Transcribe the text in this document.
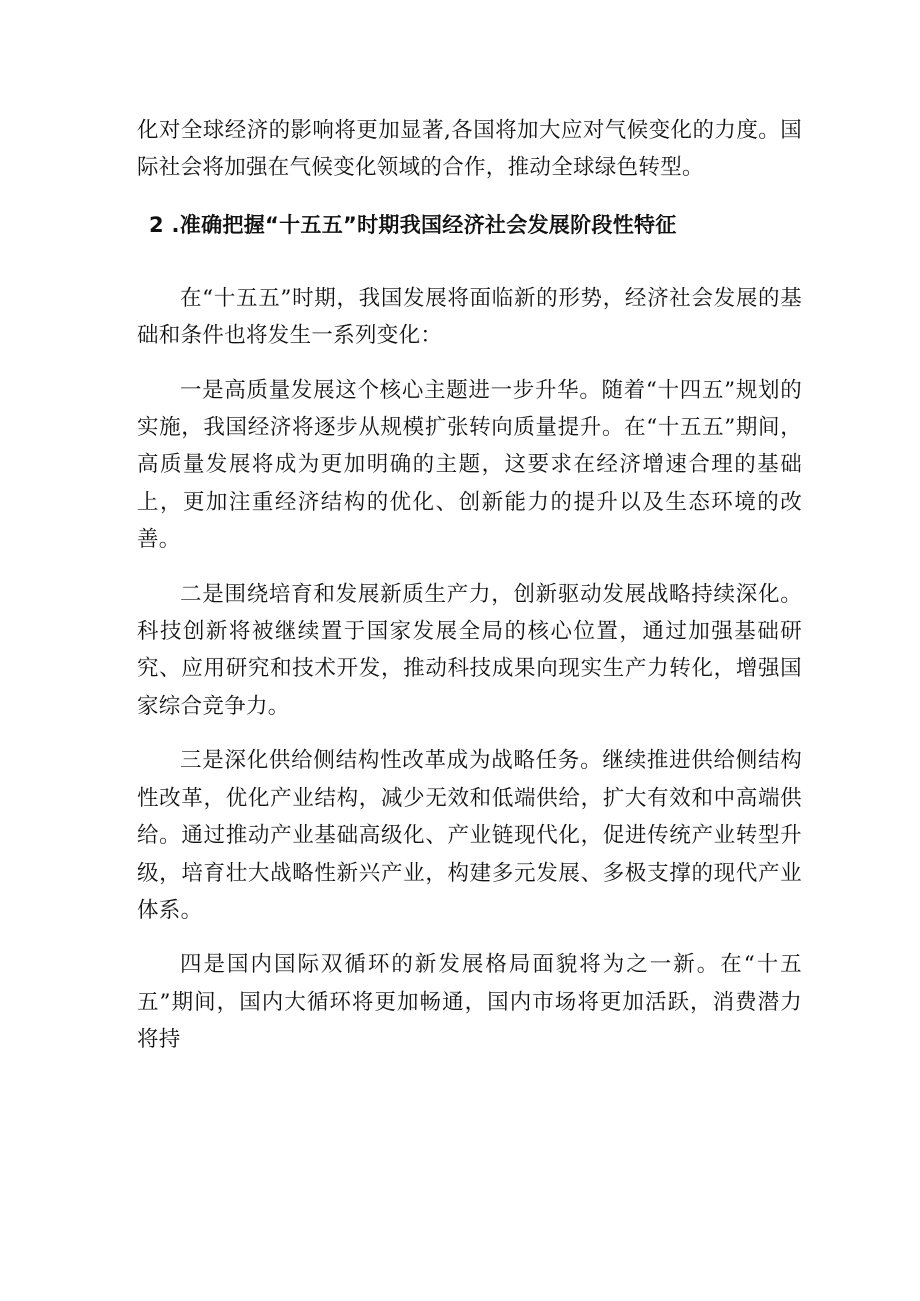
化对全球经济的影响将更加显著,各国将加大应对气候变化的力度。国际社会将加强在气候变化领域的合作，推动全球绿色转型。

2 .准确把握“十五五”时期我国经济社会发展阶段性特征

在“十五五”时期，我国发展将面临新的形势，经济社会发展的基础和条件也将发生一系列变化：

一是高质量发展这个核心主题进一步升华。随着“十四五”规划的实施，我国经济将逐步从规模扩张转向质量提升。在“十五五”期间，高质量发展将成为更加明确的主题，这要求在经济增速合理的基础上，更加注重经济结构的优化、创新能力的提升以及生态环境的改善。

二是围绕培育和发展新质生产力，创新驱动发展战略持续深化。科技创新将被继续置于国家发展全局的核心位置，通过加强基础研究、应用研究和技术开发，推动科技成果向现实生产力转化，增强国家综合竞争力。

三是深化供给侧结构性改革成为战略任务。继续推进供给侧结构性改革，优化产业结构，减少无效和低端供给，扩大有效和中高端供给。通过推动产业基础高级化、产业链现代化，促进传统产业转型升级，培育壮大战略性新兴产业，构建多元发展、多极支撑的现代产业体系。

四是国内国际双循环的新发展格局面貌将为之一新。在“十五五”期间，国内大循环将更加畅通，国内市场将更加活跃，消费潜力将持
